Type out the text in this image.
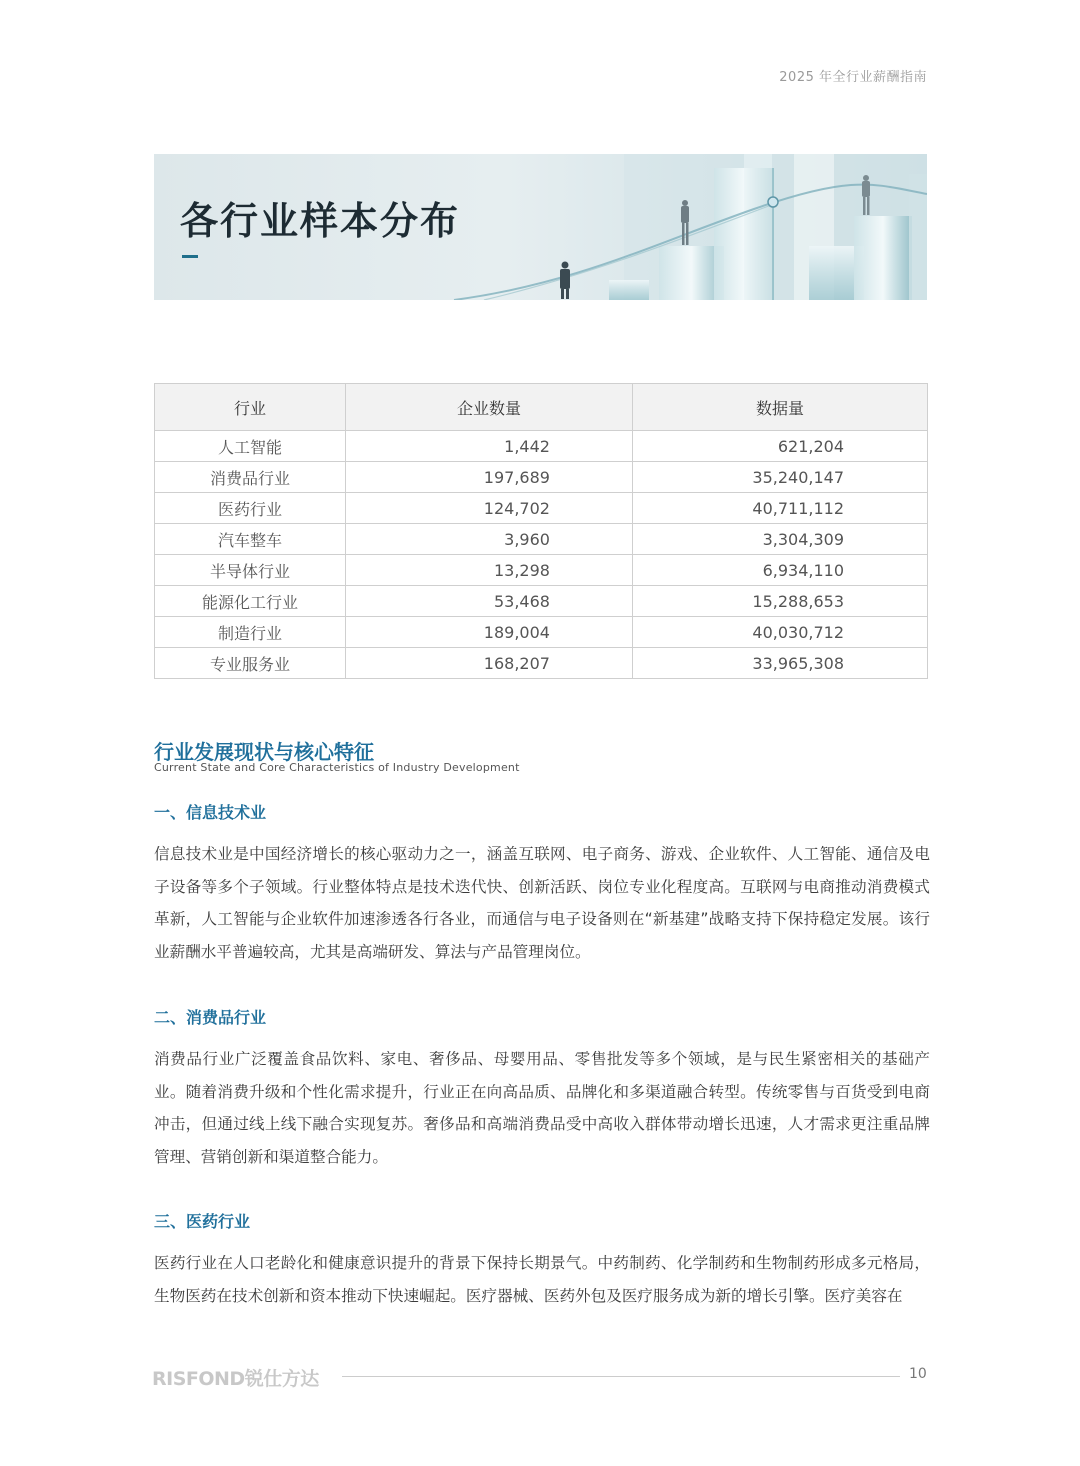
2025 年全行业薪酬指南
各行业样本分布
行业	企业数量	数据量
人工智能	1,442	621,204
消费品行业	197,689	35,240,147
医药行业	124,702	40,711,112
汽车整车	3,960	3,304,309
半导体行业	13,298	6,934,110
能源化工行业	53,468	15,288,653
制造行业	189,004	40,030,712
专业服务业	168,207	33,965,308
行业发展现状与核心特征
Current State and Core Characteristics of Industry Development
一、信息技术业

信息技术业是中国经济增长的核心驱动力之一，涵盖互联网、电子商务、游戏、企业软件、人工智能、通信及电子设备等多个子领域。行业整体特点是技术迭代快、创新活跃、岗位专业化程度高。互联网与电商推动消费模式革新，人工智能与企业软件加速渗透各行各业，而通信与电子设备则在“新基建”战略支持下保持稳定发展。该行业薪酬水平普遍较高，尤其是高端研发、算法与产品管理岗位。

二、消费品行业

消费品行业广泛覆盖食品饮料、家电、奢侈品、母婴用品、零售批发等多个领域，是与民生紧密相关的基础产业。随着消费升级和个性化需求提升，行业正在向高品质、品牌化和多渠道融合转型。传统零售与百货受到电商冲击，但通过线上线下融合实现复苏。奢侈品和高端消费品受中高收入群体带动增长迅速，人才需求更注重品牌管理、营销创新和渠道整合能力。

三、医药行业

医药行业在人口老龄化和健康意识提升的背景下保持长期景气。中药制药、化学制药和生物制药形成多元格局，生物医药在技术创新和资本推动下快速崛起。医疗器械、医药外包及医疗服务成为新的增长引擎。医疗美容在

RISFOND锐仕方达	10
